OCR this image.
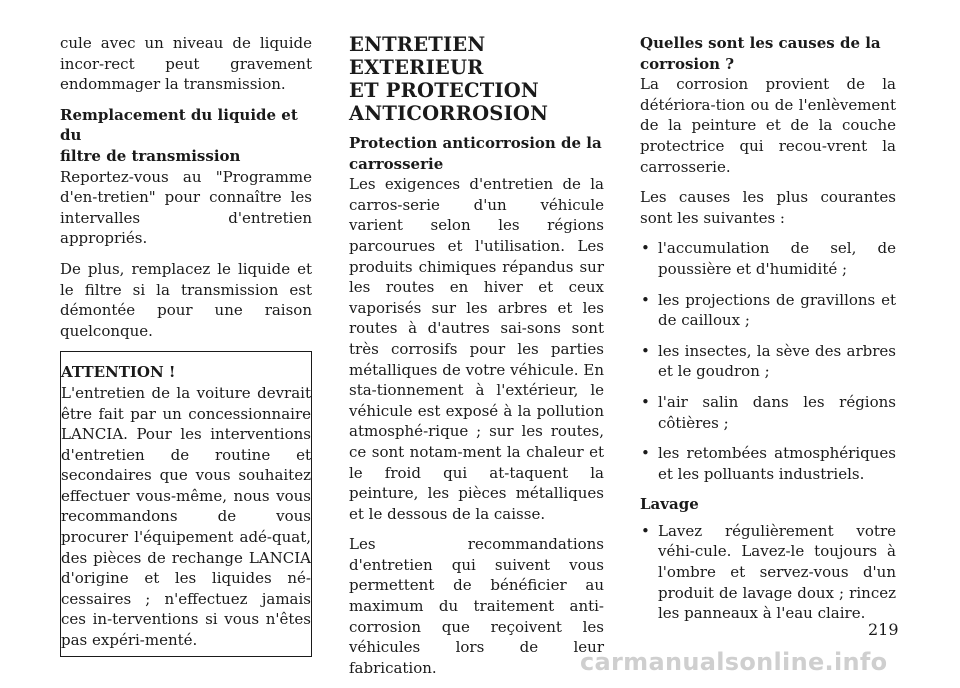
cule avec un niveau de liquide incor-rect peut gravement endommager la transmission.

Remplacement du liquide et du
filtre de transmission

Reportez-vous au "Programme d'en-tretien" pour connaître les intervalles d'entretien appropriés.

De plus, remplacez le liquide et le filtre si la transmission est démontée pour une raison quelconque.

ATTENTION !

L'entretien de la voiture devrait être fait par un concessionnaire LANCIA. Pour les interventions d'entretien de routine et secondaires que vous souhaitez effectuer vous-même, nous vous recommandons de vous procurer l'équipement adé-quat, des pièces de rechange LANCIA d'origine et les liquides né-cessaires ; n'effectuez jamais ces in-terventions si vous n'êtes pas expéri-menté.

ENTRETIEN EXTERIEUR
ET PROTECTION
ANTICORROSION
Protection anticorrosion de la
carrosserie

Les exigences d'entretien de la carros-serie d'un véhicule varient selon les régions parcourues et l'utilisation. Les produits chimiques répandus sur les routes en hiver et ceux vaporisés sur les arbres et les routes à d'autres sai-sons sont très corrosifs pour les parties métalliques de votre véhicule. En sta-tionnement à l'extérieur, le véhicule est exposé à la pollution atmosphé-rique ; sur les routes, ce sont notam-ment la chaleur et le froid qui at-taquent la peinture, les pièces métalliques et le dessous de la caisse.

Les recommandations d'entretien qui suivent vous permettent de bénéficier au maximum du traitement anti-corrosion que reçoivent les véhicules lors de leur fabrication.

Quelles sont les causes de la
corrosion ?

La corrosion provient de la détériora-tion ou de l'enlèvement de la peinture et de la couche protectrice qui recou-vrent la carrosserie.

Les causes les plus courantes sont les suivantes :

• l'accumulation de sel, de poussière et d'humidité ;
• les projections de gravillons et de cailloux ;
• les insectes, la sève des arbres et le goudron ;
• l'air salin dans les régions côtières ;
• les retombées atmosphériques et les polluants industriels.
Lavage
• Lavez régulièrement votre véhi-cule. Lavez-le toujours à l'ombre et servez-vous d'un produit de lavage doux ; rincez les panneaux à l'eau claire.
219
carmanualsonline.info
